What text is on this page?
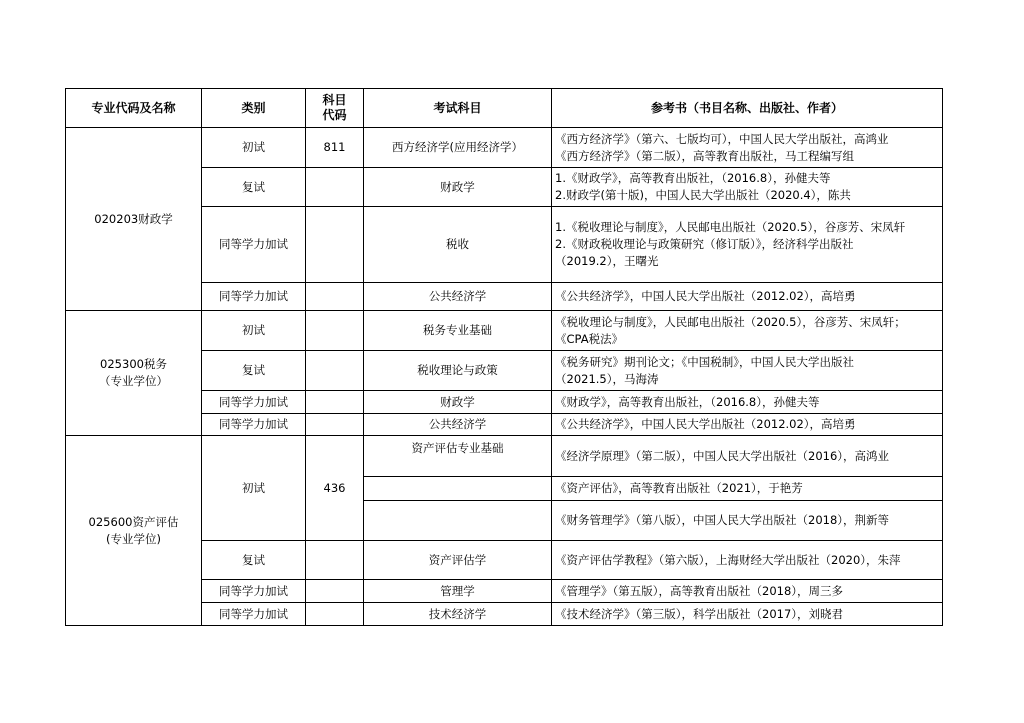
专业代码及名称	类别	科目代码	考试科目	参考书（书目名称、出版社、作者）
020203财政学	初试	811	西方经济学(应用经济学）	《西方经济学》（第六、七版均可），中国人民大学出版社，高鸿业
《西方经济学》（第二版），高等教育出版社，马工程编写组

	复试		财政学	1.《财政学》，高等教育出版社，（2016.8），孙健夫等
2.财政学(第十版)，中国人民大学出版社（2020.4），陈共

	同等学力加试		税收	1.《税收理论与制度》，人民邮电出版社（2020.5），谷彦芳、宋凤轩
2.《财政税收理论与政策研究（修订版）》，经济科学出版社
（2019.2），王曙光

	同等学力加试		公共经济学	《公共经济学》，中国人民大学出版社（2012.02），高培勇

025300税务
（专业学位）	初试		税务专业基础	《税收理论与制度》，人民邮电出版社（2020.5），谷彦芳、宋凤轩；
《CPA税法》

	复试		税收理论与政策	《税务研究》期刊论文；《中国税制》，中国人民大学出版社
（2021.5），马海涛

	同等学力加试		财政学	《财政学》，高等教育出版社，（2016.8），孙健夫等

	同等学力加试		公共经济学	《公共经济学》，中国人民大学出版社（2012.02），高培勇

025600资产评估
(专业学位)	初试	436	资产评估专业基础	《经济学原理》（第二版），中国人民大学出版社（2016），高鸿业

				《资产评估》，高等教育出版社（2021），于艳芳

				《财务管理学》（第八版），中国人民大学出版社（2018），荆新等

	复试		资产评估学	《资产评估学教程》（第六版），上海财经大学出版社（2020），朱萍

	同等学力加试		管理学	《管理学》（第五版），高等教育出版社（2018），周三多

	同等学力加试		技术经济学	《技术经济学》（第三版），科学出版社（2017），刘晓君
